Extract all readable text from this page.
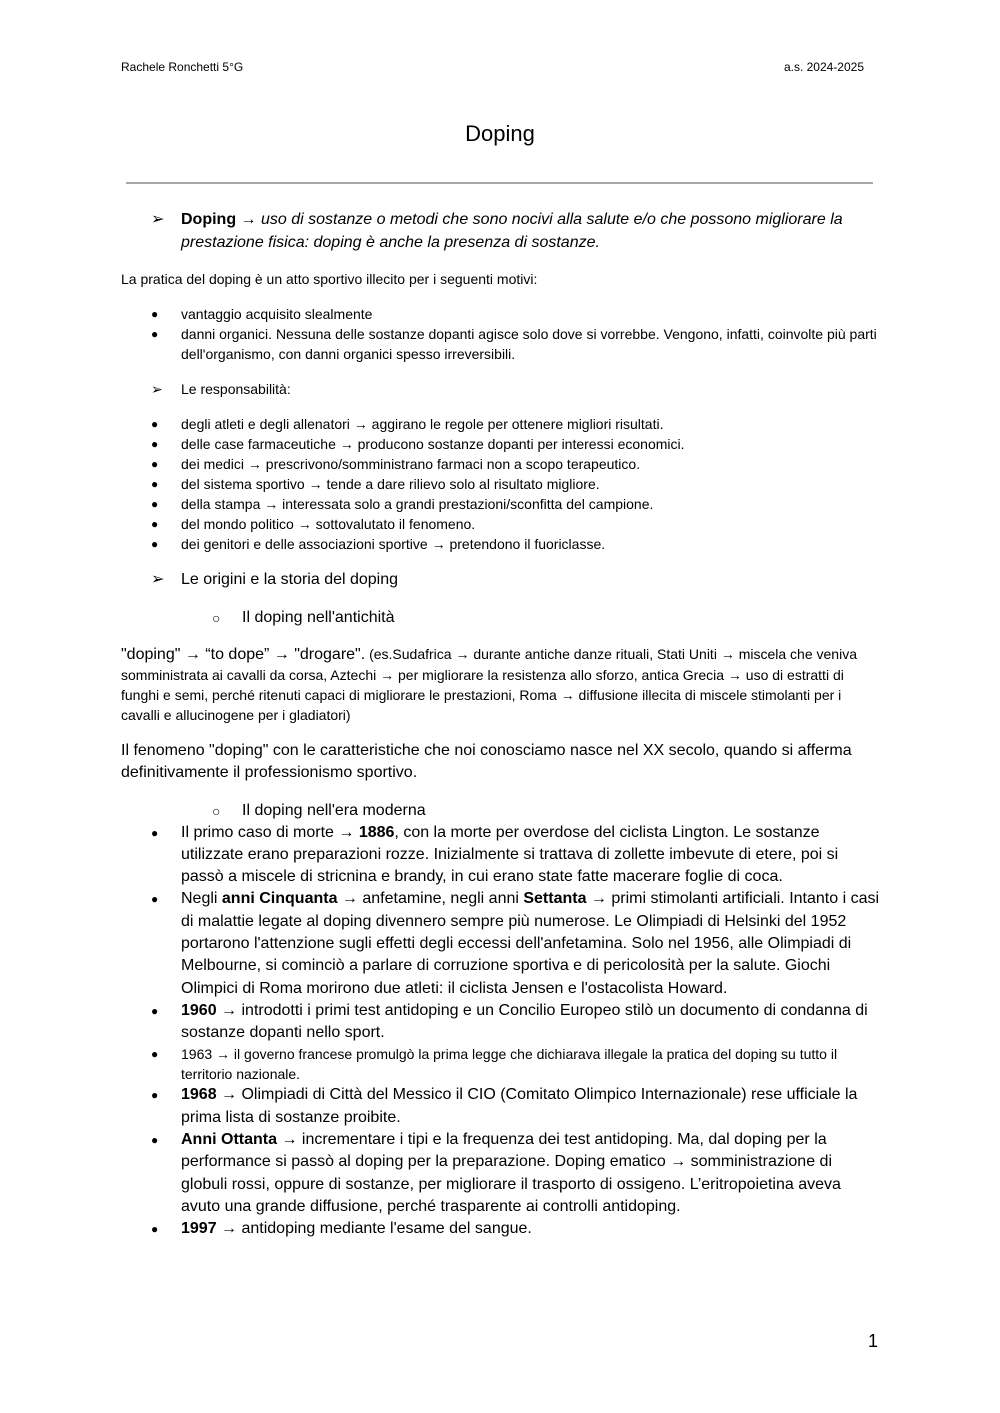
Rachele Ronchetti 5°G	a.s. 2024-2025
Doping
➢ Doping → uso di sostanze o metodi che sono nocivi alla salute e/o che possono migliorare la prestazione fisica: doping è anche la presenza di sostanze.
La pratica del doping è un atto sportivo illecito per i seguenti motivi:
● vantaggio acquisito slealmente
● danni organici. Nessuna delle sostanze dopanti agisce solo dove si vorrebbe. Vengono, infatti, coinvolte più parti dell'organismo, con danni organici spesso irreversibili.
➢ Le responsabilità:
● degli atleti e degli allenatori → aggirano le regole per ottenere migliori risultati.
● delle case farmaceutiche → producono sostanze dopanti per interessi economici.
● dei medici → prescrivono/somministrano farmaci non a scopo terapeutico.
● del sistema sportivo → tende a dare rilievo solo al risultato migliore.
● della stampa → interessata solo a grandi prestazioni/sconfitta del campione.
● del mondo politico → sottovalutato il fenomeno.
● dei genitori e delle associazioni sportive → pretendono il fuoriclasse.
➢ Le origini e la storia del doping
○ Il doping nell'antichità
"doping" → “to dope” → "drogare". (es.Sudafrica → durante antiche danze rituali, Stati Uniti → miscela che veniva somministrata ai cavalli da corsa, Aztechi → per migliorare la resistenza allo sforzo, antica Grecia → uso di estratti di funghi e semi, perché ritenuti capaci di migliorare le prestazioni, Roma → diffusione illecita di miscele stimolanti per i cavalli e allucinogene per i gladiatori)
Il fenomeno "doping" con le caratteristiche che noi conosciamo nasce nel XX secolo, quando si afferma definitivamente il professionismo sportivo.
○ Il doping nell'era moderna
● Il primo caso di morte → 1886, con la morte per overdose del ciclista Lington. Le sostanze utilizzate erano preparazioni rozze. Inizialmente si trattava di zollette imbevute di etere, poi si passò a miscele di stricnina e brandy, in cui erano state fatte macerare foglie di coca.
● Negli anni Cinquanta → anfetamine, negli anni Settanta → primi stimolanti artificiali. Intanto i casi di malattie legate al doping divennero sempre più numerose. Le Olimpiadi di Helsinki del 1952 portarono l'attenzione sugli effetti degli eccessi dell'anfetamina. Solo nel 1956, alle Olimpiadi di Melbourne, si cominciò a parlare di corruzione sportiva e di pericolosità per la salute. Giochi Olimpici di Roma morirono due atleti: il ciclista Jensen e l'ostacolista Howard.
● 1960 → introdotti i primi test antidoping e un Concilio Europeo stilò un documento di condanna di sostanze dopanti nello sport.
● 1963 → il governo francese promulgò la prima legge che dichiarava illegale la pratica del doping su tutto il territorio nazionale.
● 1968 → Olimpiadi di Città del Messico il CIO (Comitato Olimpico Internazionale) rese ufficiale la prima lista di sostanze proibite.
● Anni Ottanta → incrementare i tipi e la frequenza dei test antidoping. Ma, dal doping per la performance si passò al doping per la preparazione. Doping ematico → somministrazione di globuli rossi, oppure di sostanze, per migliorare il trasporto di ossigeno. L’eritropoietina aveva avuto una grande diffusione, perché trasparente ai controlli antidoping.
● 1997 → antidoping mediante l'esame del sangue.
1
